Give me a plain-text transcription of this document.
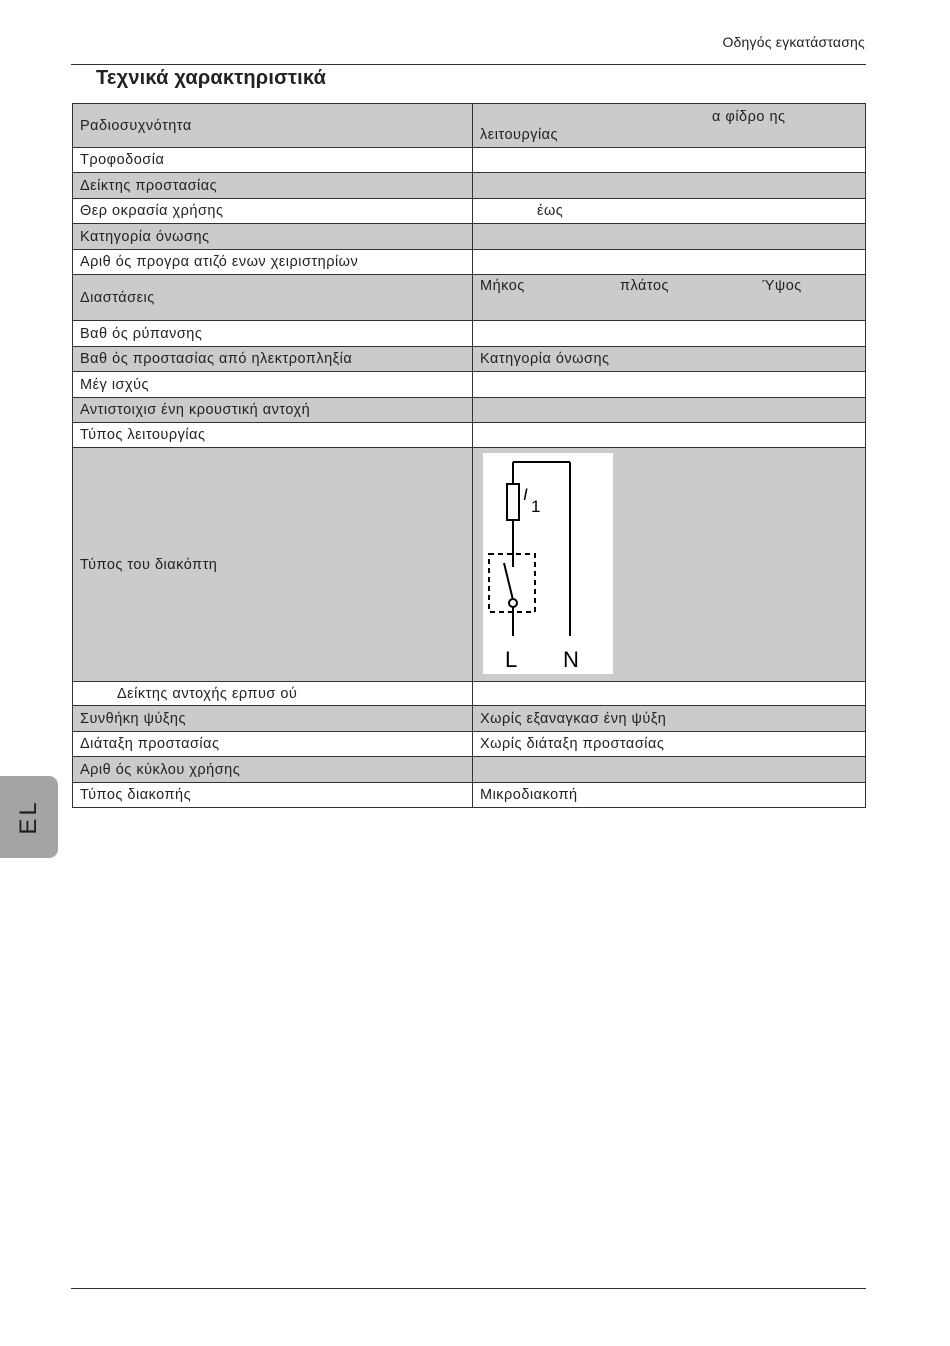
Οδηγός εγκατάστασης
Τεχνικά χαρακτηριστικά
Ραδιοσυχνότητα	α φίδρο ης
λειτουργίας

Τροφοδοσία	
Δείκτης προστασίας	
Θερ οκρασία χρήσης	έως
Κατηγορία όνωσης	
Αριθ ός προγρα ατιζό ενων χειριστηρίων	
Διαστάσεις	Μήκος πλάτος Ύψος

Βαθ ός ρύπανσης	
Βαθ ός προστασίας από ηλεκτροπληξία	Κατηγορία όνωσης
Μέγ ισχύς	
Αντιστοιχισ ένη κρουστική αντοχή	
Τύπος λειτουργίας	
Τύπος του διακόπτη	I
1
L N

Δείκτης αντοχής ερπυσ ού	
Συνθήκη ψύξης	Χωρίς εξαναγκασ ένη ψύξη
Διάταξη προστασίας	Χωρίς διάταξη προστασίας
Αριθ ός κύκλου χρήσης	
Τύπος διακοπής	Μικροδιακοπή
EL
